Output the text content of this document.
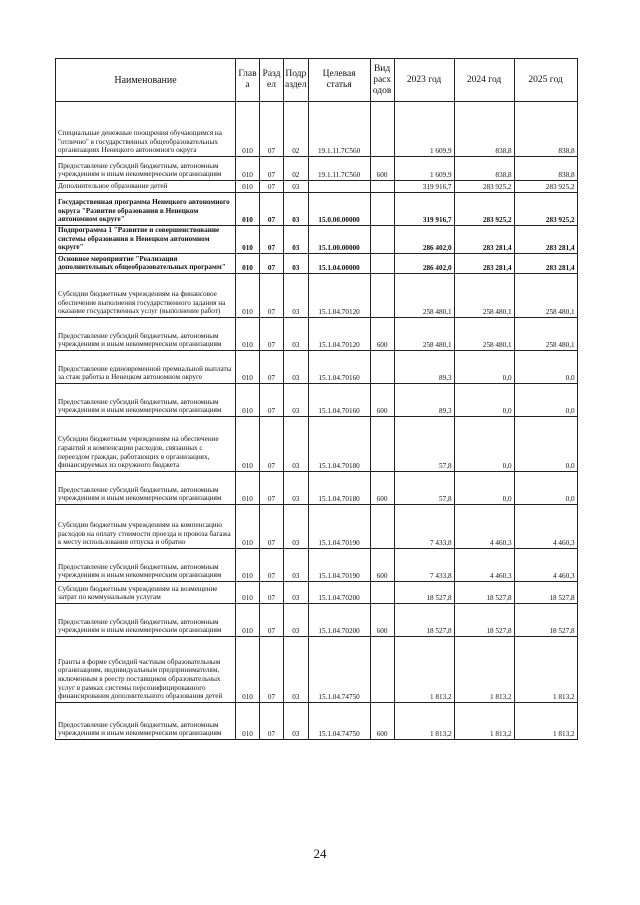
Наименование	Глав а	Разд ел	Подр аздел	Целевая статья	Вид расх одов	2023 год	2024 год	2025 год
Специальные денежные поощрения обучающимся на "отлично" в государственных общеобразовательных организациях Ненецкого автономного округа	010	07	02	19.1.11.7С560		1 609,9	838,8	838,8
Предоставление субсидий бюджетным, автономным учреждениям и иным некоммерческим организациям	010	07	02	19.1.11.7С560	600	1 609,9	838,8	838,8
Дополнительное образование детей	010	07	03			319 916,7	283 925,2	283 925,2
Государственная программа Ненецкого автономного округа "Развитие образования в Ненецком автономном округе"	010	07	03	15.0.00.00000		319 916,7	283 925,2	283 925,2
Подпрограмма 1 "Развитие и совершенствование системы образования в Ненецком автономном округе"	010	07	03	15.1.00.00000		286 402,0	283 281,4	283 281,4
Основное мероприятие "Реализация дополнительных общеобразовательных программ"	010	07	03	15.1.04.00000		286 402,0	283 281,4	283 281,4
Субсидии бюджетным учреждениям на финансовое обеспечение выполнения государственного задания на оказание государственных услуг (выполнение работ)	010	07	03	15.1.04.70120		258 480,1	258 480,1	258 480,1
Предоставление субсидий бюджетным, автономным учреждениям и иным некоммерческим организациям	010	07	03	15.1.04.70120	600	258 480,1	258 480,1	258 480,1
Предоставление единовременной премиальной выплаты за стаж работы в Ненецком автономном округе	010	07	03	15.1.04.70160		89,3	0,0	0,0
Предоставление субсидий бюджетным, автономным учреждениям и иным некоммерческим организациям	010	07	03	15.1.04.70160	600	89,3	0,0	0,0
Субсидии бюджетным учреждениям на обеспечение гарантий и компенсации расходов, связанных с переездом граждан, работающих в организациях, финансируемых из окружного бюджета	010	07	03	15.1.04.70180		57,8	0,0	0,0
Предоставление субсидий бюджетным, автономным учреждениям и иным некоммерческим организациям	010	07	03	15.1.04.70180	600	57,8	0,0	0,0
Субсидии бюджетным учреждениям на компенсацию расходов на оплату стоимости проезда и провоза багажа к месту использования отпуска и обратно	010	07	03	15.1.04.70190		7 433,8	4 460,3	4 460,3
Предоставление субсидий бюджетным, автономным учреждениям и иным некоммерческим организациям	010	07	03	15.1.04.70190	600	7 433,8	4 460,3	4 460,3
Субсидии бюджетным учреждениям на возмещение затрат по коммунальным услугам	010	07	03	15.1.04.70200		18 527,8	18 527,8	18 527,8
Предоставление субсидий бюджетным, автономным учреждениям и иным некоммерческим организациям	010	07	03	15.1.04.70200	600	18 527,8	18 527,8	18 527,8
Гранты в форме субсидий частным образовательным организациям, индивидуальным предпринимателям, включенным в реестр поставщиков образовательных услуг в рамках системы персонифицированного финансирования дополнительного образования детей	010	07	03	15.1.04.74750		1 813,2	1 813,2	1 813,2
Предоставление субсидий бюджетным, автономным учреждениям и иным некоммерческим организациям	010	07	03	15.1.04.74750	600	1 813,2	1 813,2	1 813,2
24
